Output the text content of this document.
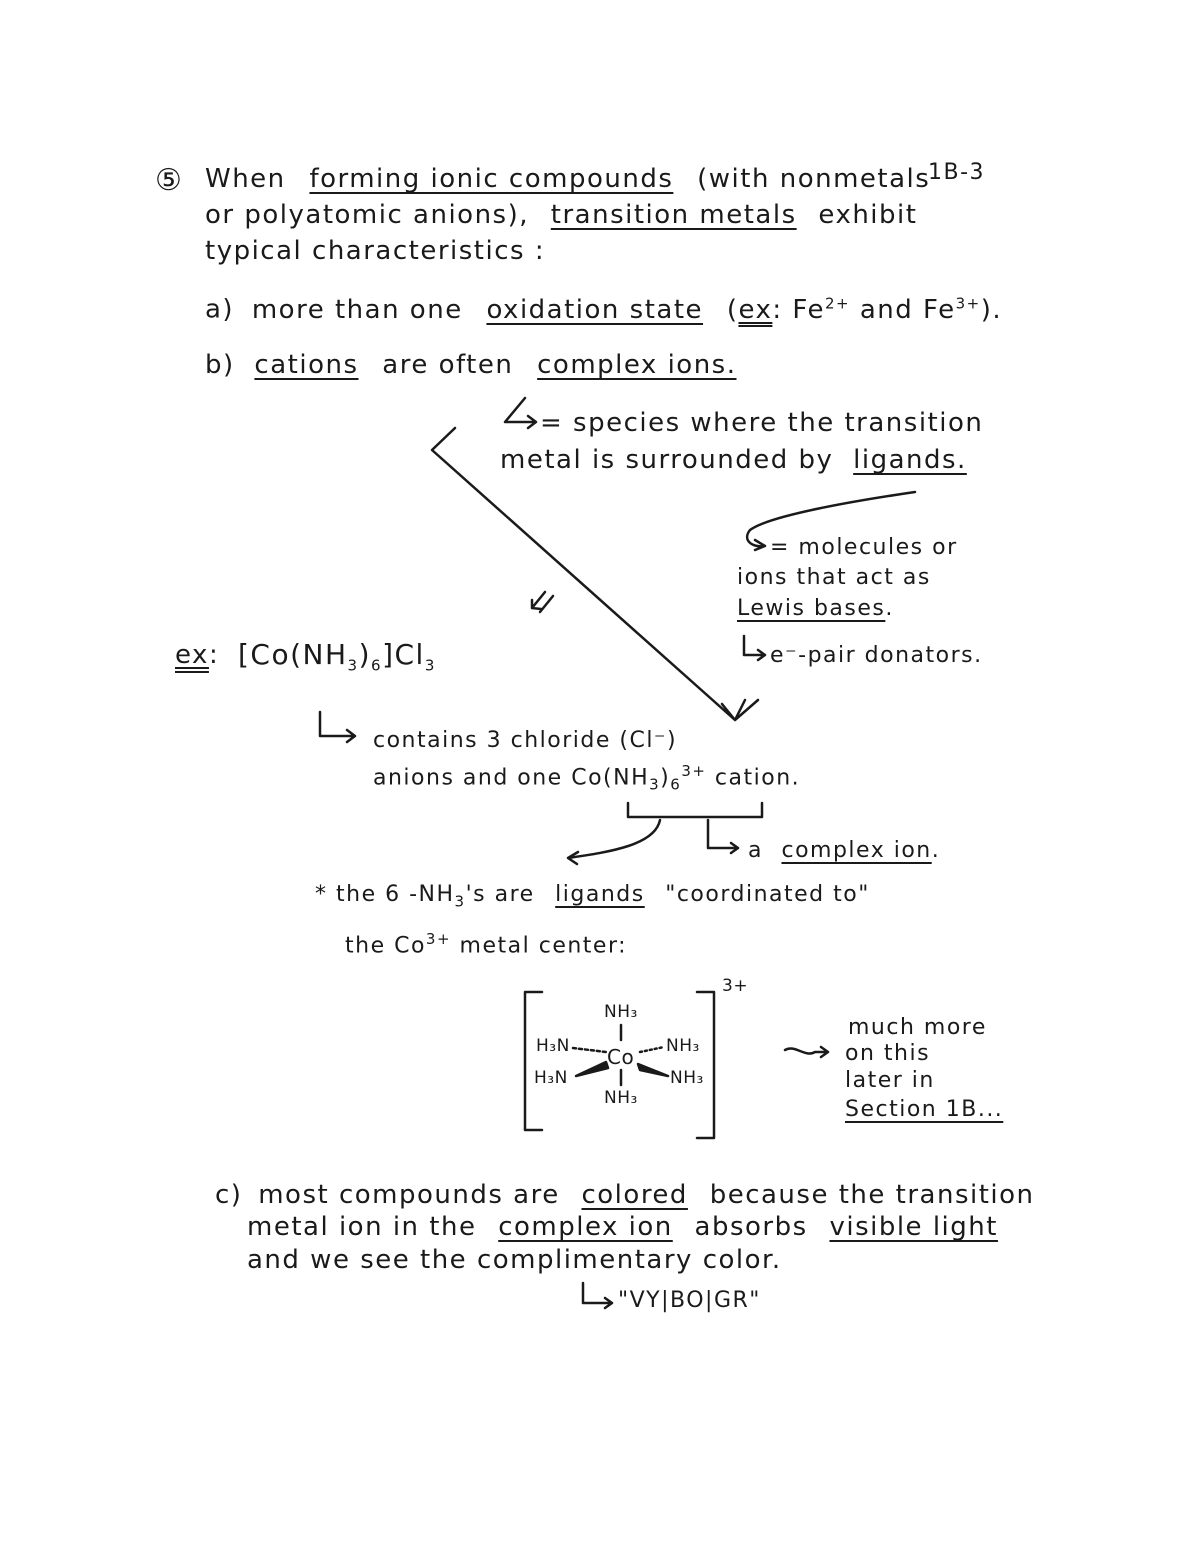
1B-3
⑤ When forming ionic compounds (with nonmetals
or polyatomic anions), transition metals exhibit
typical characteristics :
a) more than one oxidation state (ex: $Fe^{2+}$ and $Fe^{3+}$).
b) cations are often complex ions.
= species where the transition
metal is surrounded by ligands.
= molecules or
ions that act as
Lewis bases.
e⁻-pair donators.
ex: $[Co(NH_3)_6]Cl_3$
contains 3 chloride (Cl⁻)
anions and one $Co(NH_3)_6^{3+}$ cation.
a complex ion.
* the 6 $-NH_3's$ are ligands "coordinated to"
the $Co^{3+}$ metal center:
3+
NH₃
NH₃
Co
H₃N
H₃N
NH₃
NH₃
much more
on this
later in
Section 1B...
c) most compounds are colored because the transition
metal ion in the complex ion absorbs visible light
and we see the complimentary color.
"VY|BO|GR"
